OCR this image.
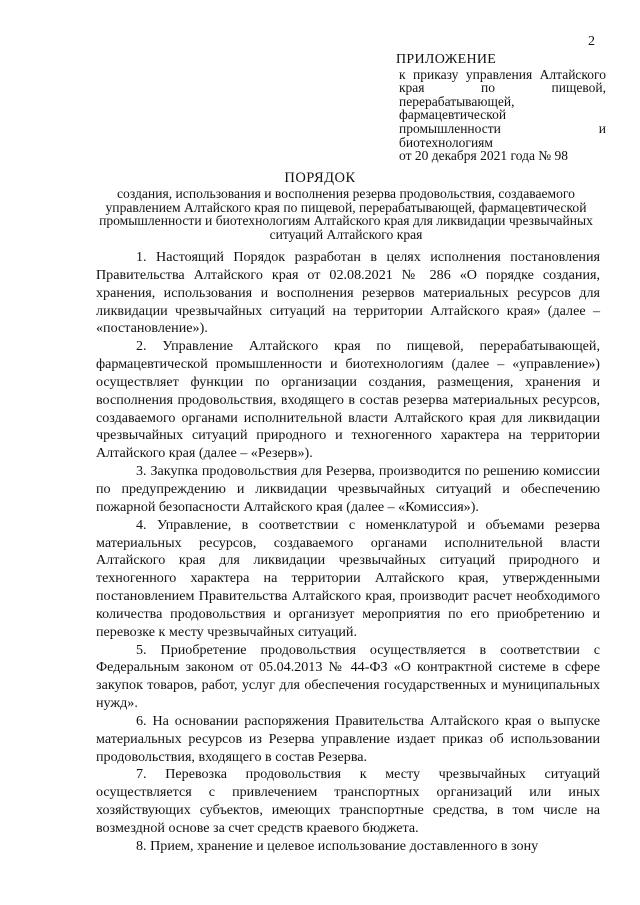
2
ПРИЛОЖЕНИЕ
к приказу управления Алтайского края по пищевой, перерабатывающей, фармацевтической промышленности и биотехнологиям
от 20 декабря 2021 года № 98
ПОРЯДОК
создания, использования и восполнения резерва продовольствия, создаваемого управлением Алтайского края по пищевой, перерабатывающей, фармацевтической промышленности и биотехнологиям Алтайского края для ликвидации чрезвычайных ситуаций Алтайского края

1. Настоящий Порядок разработан в целях исполнения постановления Правительства Алтайского края от 02.08.2021 № 286 «О порядке создания, хранения, использования и восполнения резервов материальных ресурсов для ликвидации чрезвычайных ситуаций на территории Алтайского края» (далее – «постановление»).

2. Управление Алтайского края по пищевой, перерабатывающей, фармацевтической промышленности и биотехнологиям (далее – «управление») осуществляет функции по организации создания, размещения, хранения и восполнения продовольствия, входящего в состав резерва материальных ресурсов, создаваемого органами исполнительной власти Алтайского края для ликвидации чрезвычайных ситуаций природного и техногенного характера на территории Алтайского края (далее – «Резерв»).

3. Закупка продовольствия для Резерва, производится по решению комиссии по предупреждению и ликвидации чрезвычайных ситуаций и обеспечению пожарной безопасности Алтайского края (далее – «Комиссия»).

4. Управление, в соответствии с номенклатурой и объемами резерва материальных ресурсов, создаваемого органами исполнительной власти Алтайского края для ликвидации чрезвычайных ситуаций природного и техногенного характера на территории Алтайского края, утвержденными постановлением Правительства Алтайского края, производит расчет необходимого количества продовольствия и организует мероприятия по его приобретению и перевозке к месту чрезвычайных ситуаций.

5. Приобретение продовольствия осуществляется в соответствии с Федеральным законом от 05.04.2013 № 44-ФЗ «О контрактной системе в сфере закупок товаров, работ, услуг для обеспечения государственных и муниципальных нужд».

6. На основании распоряжения Правительства Алтайского края о выпуске материальных ресурсов из Резерва управление издает приказ об использовании продовольствия, входящего в состав Резерва.

7. Перевозка продовольствия к месту чрезвычайных ситуаций осуществляется с привлечением транспортных организаций или иных хозяйствующих субъектов, имеющих транспортные средства, в том числе на возмездной основе за счет средств краевого бюджета.

8. Прием, хранение и целевое использование доставленного в зону
